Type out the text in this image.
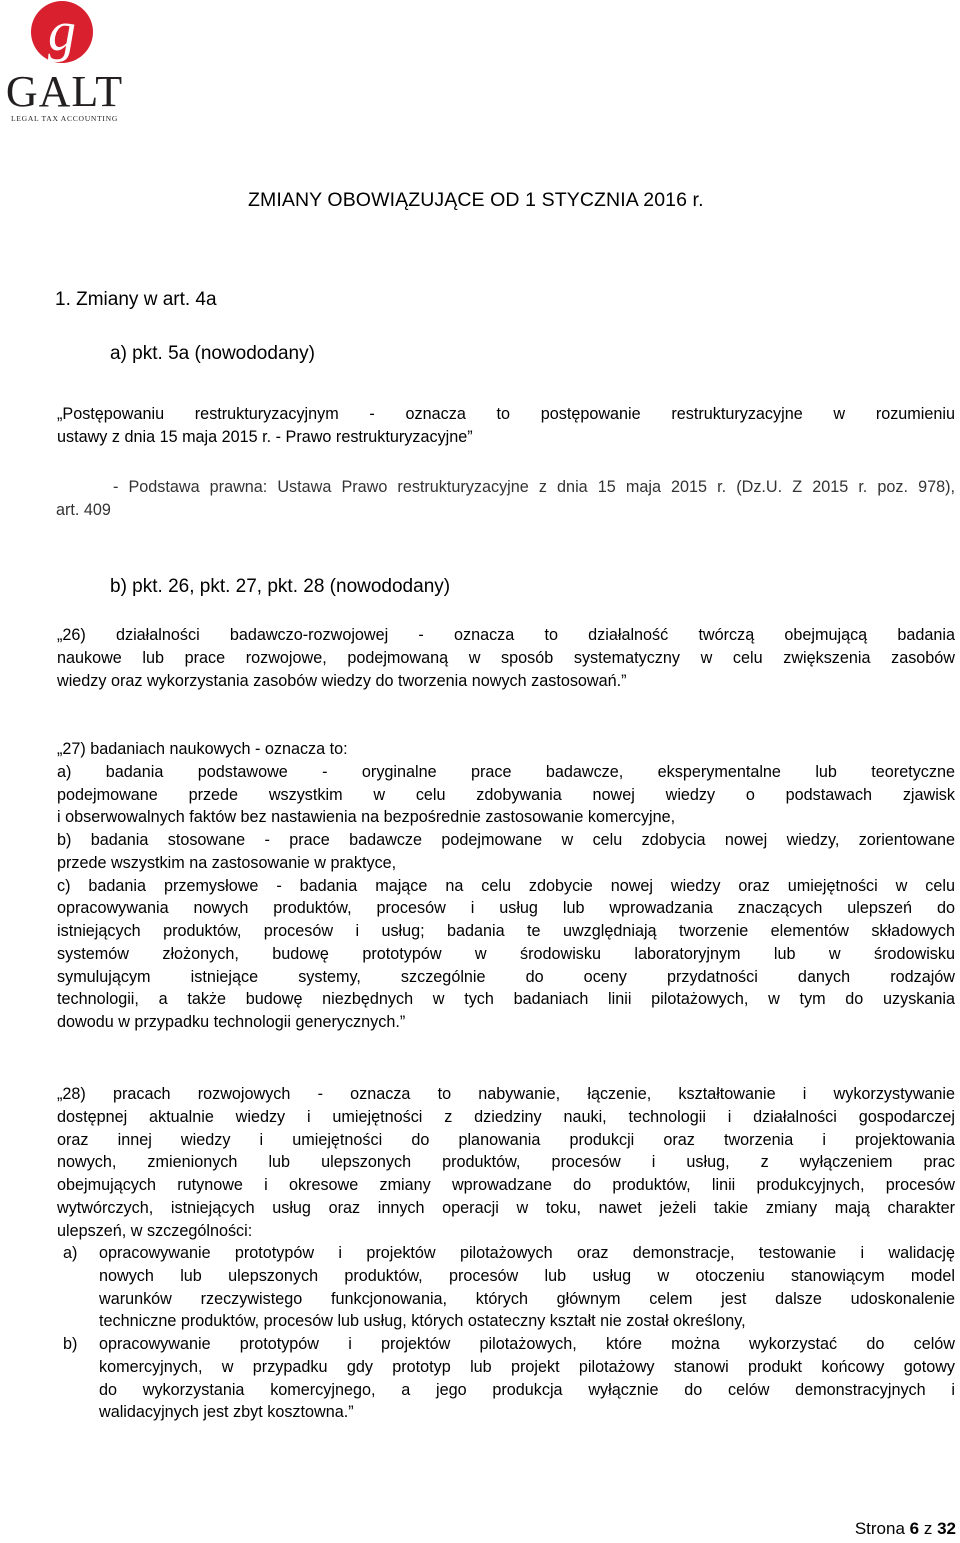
g
GALT
LEGAL TAX ACCOUNTING
ZMIANY OBOWIĄZUJĄCE OD 1 STYCZNIA 2016 r.
1. Zmiany w art. 4a
a) pkt. 5a (nowododany)
„Postępowaniu restrukturyzacyjnym - oznacza to postępowanie restrukturyzacyjne w rozumieniu
ustawy z dnia 15 maja 2015 r. - Prawo restrukturyzacyjne”
- Podstawa prawna: Ustawa Prawo restrukturyzacyjne z dnia 15 maja 2015 r. (Dz.U. Z 2015 r. poz. 978),
art. 409
b) pkt. 26, pkt. 27, pkt. 28 (nowododany)
„26) działalności badawczo-rozwojowej - oznacza to działalność twórczą obejmującą badania
naukowe lub prace rozwojowe, podejmowaną w sposób systematyczny w celu zwiększenia zasobów
wiedzy oraz wykorzystania zasobów wiedzy do tworzenia nowych zastosowań.”
„27) badaniach naukowych - oznacza to:
a) badania podstawowe - oryginalne prace badawcze, eksperymentalne lub teoretyczne
podejmowane przede wszystkim w celu zdobywania nowej wiedzy o podstawach zjawisk
i obserwowalnych faktów bez nastawienia na bezpośrednie zastosowanie komercyjne,
b) badania stosowane - prace badawcze podejmowane w celu zdobycia nowej wiedzy, zorientowane
przede wszystkim na zastosowanie w praktyce,
c) badania przemysłowe - badania mające na celu zdobycie nowej wiedzy oraz umiejętności w celu
opracowywania nowych produktów, procesów i usług lub wprowadzania znaczących ulepszeń do
istniejących produktów, procesów i usług; badania te uwzględniają tworzenie elementów składowych
systemów złożonych, budowę prototypów w środowisku laboratoryjnym lub w środowisku
symulującym istniejące systemy, szczególnie do oceny przydatności danych rodzajów
technologii, a także budowę niezbędnych w tych badaniach linii pilotażowych, w tym do uzyskania
dowodu w przypadku technologii generycznych.”
„28) pracach rozwojowych - oznacza to nabywanie, łączenie, kształtowanie i wykorzystywanie
dostępnej aktualnie wiedzy i umiejętności z dziedziny nauki, technologii i działalności gospodarczej
oraz innej wiedzy i umiejętności do planowania produkcji oraz tworzenia i projektowania
nowych, zmienionych lub ulepszonych produktów, procesów i usług, z wyłączeniem prac
obejmujących rutynowe i okresowe zmiany wprowadzane do produktów, linii produkcyjnych, procesów
wytwórczych, istniejących usług oraz innych operacji w toku, nawet jeżeli takie zmiany mają charakter
ulepszeń, w szczególności:
a) opracowywanie prototypów i projektów pilotażowych oraz demonstracje, testowanie i walidację
nowych lub ulepszonych produktów, procesów lub usług w otoczeniu stanowiącym model
warunków rzeczywistego funkcjonowania, których głównym celem jest dalsze udoskonalenie
techniczne produktów, procesów lub usług, których ostateczny kształt nie został określony,
b) opracowywanie prototypów i projektów pilotażowych, które można wykorzystać do celów
komercyjnych, w przypadku gdy prototyp lub projekt pilotażowy stanowi produkt końcowy gotowy
do wykorzystania komercyjnego, a jego produkcja wyłącznie do celów demonstracyjnych i
walidacyjnych jest zbyt kosztowna.”
Strona 6 z 32
